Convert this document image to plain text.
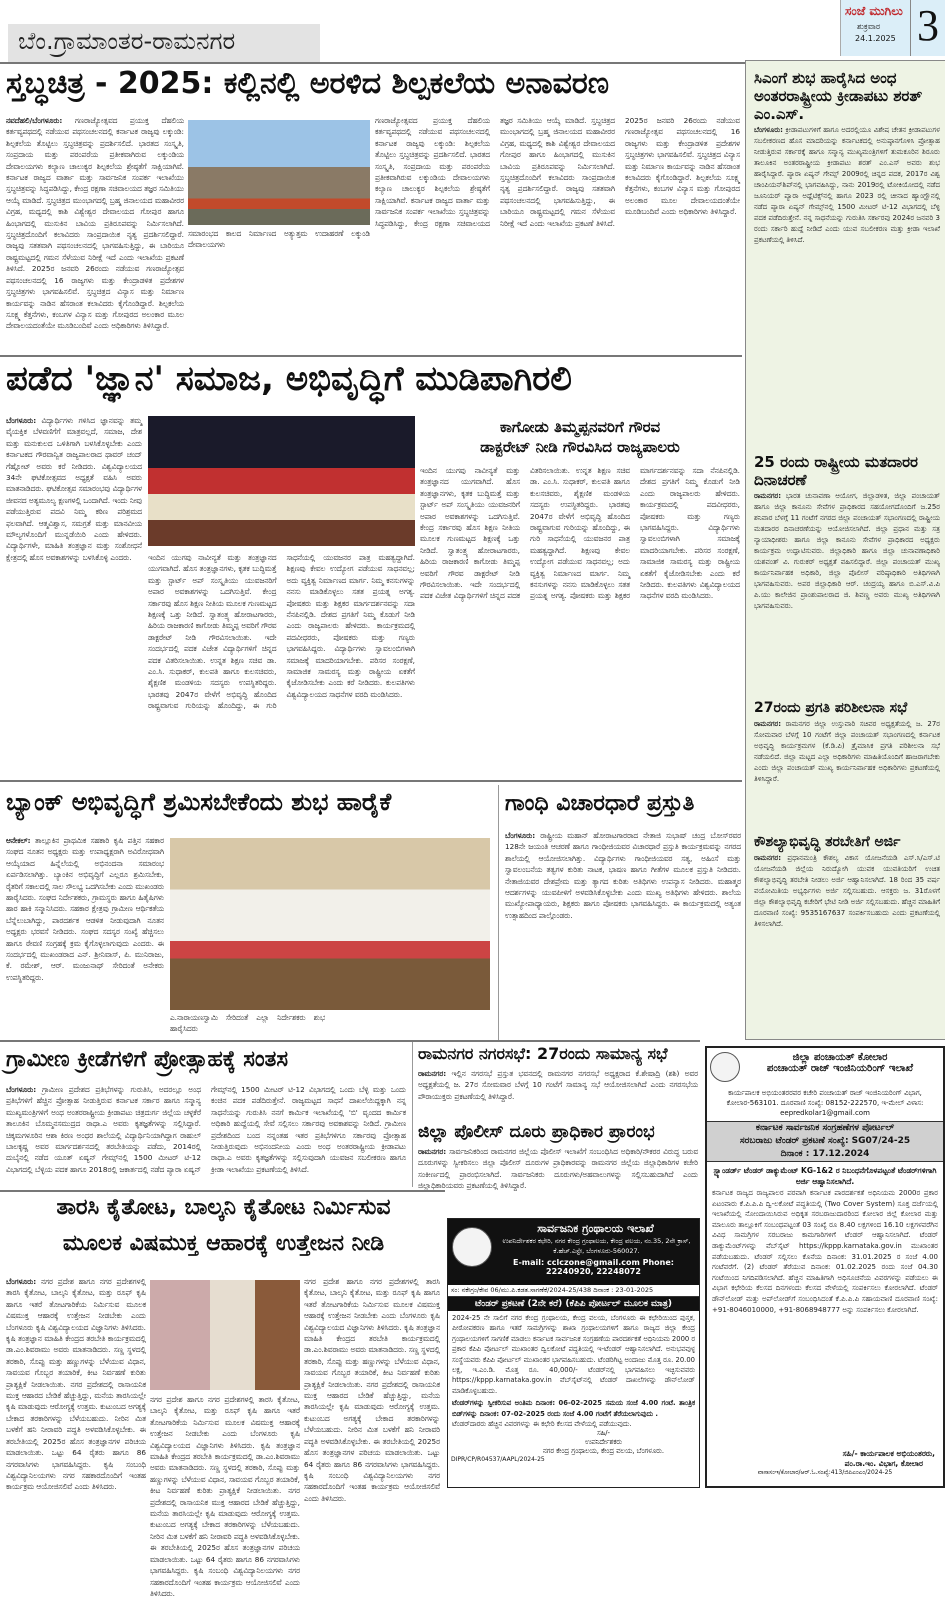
ಬೆಂ.ಗ್ರಾಮಾಂತರ-ರಾಮನಗರ
ಸಂಜೆ ಮುಗಿಲು
ಶುಕ್ರವಾರ
24.1.2025 3
ಸ್ತಬ್ಧಚಿತ್ರ - 2025: ಕಲ್ಲಿನಲ್ಲಿ ಅರಳಿದ ಶಿಲ್ಪಕಲೆಯ ಅನಾವರಣ
ನವದೆಹಲಿ/ಬೆಂಗಳೂರು: ಗಣರಾಜ್ಯೋತ್ಸವದ ಪ್ರಯುಕ್ತ ದೆಹಲಿಯ ಕರ್ತವ್ಯಪಥದಲ್ಲಿ ನಡೆಯುವ ಪಥಸಂಚಲನದಲ್ಲಿ ಕರ್ನಾಟಕ ರಾಜ್ಯವು ಲಕ್ಕುಂಡಿ: ಶಿಲ್ಪಕಲೆಯ ತೊಟ್ಟಿಲು ಸ್ತಬ್ಧಚಿತ್ರವನ್ನು ಪ್ರದರ್ಶಿಸಲಿದೆ. ಭಾರತದ ಸಂಸ್ಕೃತಿ, ಸಂಪ್ರದಾಯ ಮತ್ತು ಪರಂಪರೆಯ ಪ್ರತೀಕವಾಗಿರುವ ಲಕ್ಕುಂಡಿಯ ದೇವಾಲಯಗಳು ಕಲ್ಯಾಣ ಚಾಲುಕ್ಯರ ಶಿಲ್ಪಕಲೆಯ ಶ್ರೇಷ್ಠತೆಗೆ ಸಾಕ್ಷಿಯಾಗಿವೆ. ಕರ್ನಾಟಕ ರಾಜ್ಯದ ವಾರ್ತಾ ಮತ್ತು ಸಾರ್ವಜನಿಕ ಸಂಪರ್ಕ ಇಲಾಖೆಯು ಸ್ತಬ್ಧಚಿತ್ರವನ್ನು ಸಿದ್ಧಪಡಿಸಿದ್ದು, ಕೇಂದ್ರ ರಕ್ಷಣಾ ಸಚಿವಾಲಯದ ತಜ್ಞರ ಸಮಿತಿಯು ಆಯ್ಕೆ ಮಾಡಿದೆ. ಸ್ತಬ್ಧಚಿತ್ರದ ಮುಂಭಾಗದಲ್ಲಿ ಬ್ರಹ್ಮ ಜಿನಾಲಯದ ಮಹಾವೀರರ ವಿಗ್ರಹ, ಮಧ್ಯದಲ್ಲಿ ಕಾಶಿ ವಿಶ್ವೇಶ್ವರ ದೇವಾಲಯದ ಗೋಪುರ ಹಾಗೂ ಹಿಂಭಾಗದಲ್ಲಿ ಮುಸುಕಿನ ಬಾವಿಯ ಪ್ರತಿರೂಪವನ್ನು ನಿರ್ಮಿಸಲಾಗಿದೆ. ಸ್ತಬ್ಧಚಿತ್ರದೊಂದಿಗೆ ಕಲಾವಿದರು ಸಾಂಪ್ರದಾಯಿಕ ನೃತ್ಯ ಪ್ರದರ್ಶಿಸಲಿದ್ದಾರೆ. ರಾಜ್ಯವು ಸತತವಾಗಿ ಪಥಸಂಚಲನದಲ್ಲಿ ಭಾಗವಹಿಸುತ್ತಿದ್ದು, ಈ ಬಾರಿಯೂ ರಾಷ್ಟ್ರಮಟ್ಟದಲ್ಲಿ ಗಮನ ಸೆಳೆಯುವ ನಿರೀಕ್ಷೆ ಇದೆ ಎಂದು ಇಲಾಖೆಯ ಪ್ರಕಟಣೆ ತಿಳಿಸಿದೆ. 2025ರ ಜನವರಿ 26ರಂದು ನಡೆಯುವ ಗಣರಾಜ್ಯೋತ್ಸವ ಪಥಸಂಚಲನದಲ್ಲಿ 16 ರಾಜ್ಯಗಳು ಮತ್ತು ಕೇಂದ್ರಾಡಳಿತ ಪ್ರದೇಶಗಳ ಸ್ತಬ್ಧಚಿತ್ರಗಳು ಭಾಗವಹಿಸಲಿವೆ. ಸ್ತಬ್ಧಚಿತ್ರದ ವಿನ್ಯಾಸ ಮತ್ತು ನಿರ್ಮಾಣ ಕಾರ್ಯವನ್ನು ನಾಡಿನ ಹೆಸರಾಂತ ಕಲಾವಿದರು ಕೈಗೊಂಡಿದ್ದಾರೆ. ಶಿಲ್ಪಕಲೆಯ ಸೂಕ್ಷ್ಮ ಕೆತ್ತನೆಗಳು, ಕಂಬಗಳ ವಿನ್ಯಾಸ ಮತ್ತು ಗೋಪುರದ ಅಲಂಕಾರ ಮೂಲ ದೇವಾಲಯದಂತೆಯೇ ಮೂಡಿಬಂದಿವೆ ಎಂದು ಅಧಿಕಾರಿಗಳು ತಿಳಿಸಿದ್ದಾರೆ.
ಸಮಾರಂಭದ ಕಾಲದ ನಿರ್ಮಾಣದ ಅತ್ಯುತ್ತಮ ಉದಾಹರಣೆ ಲಕ್ಕುಂಡಿ ದೇವಾಲಯಗಳು
ಗಣರಾಜ್ಯೋತ್ಸವದ ಪ್ರಯುಕ್ತ ದೆಹಲಿಯ ಕರ್ತವ್ಯಪಥದಲ್ಲಿ ನಡೆಯುವ ಪಥಸಂಚಲನದಲ್ಲಿ ಕರ್ನಾಟಕ ರಾಜ್ಯವು ಲಕ್ಕುಂಡಿ: ಶಿಲ್ಪಕಲೆಯ ತೊಟ್ಟಿಲು ಸ್ತಬ್ಧಚಿತ್ರವನ್ನು ಪ್ರದರ್ಶಿಸಲಿದೆ. ಭಾರತದ ಸಂಸ್ಕೃತಿ, ಸಂಪ್ರದಾಯ ಮತ್ತು ಪರಂಪರೆಯ ಪ್ರತೀಕವಾಗಿರುವ ಲಕ್ಕುಂಡಿಯ ದೇವಾಲಯಗಳು ಕಲ್ಯಾಣ ಚಾಲುಕ್ಯರ ಶಿಲ್ಪಕಲೆಯ ಶ್ರೇಷ್ಠತೆಗೆ ಸಾಕ್ಷಿಯಾಗಿವೆ. ಕರ್ನಾಟಕ ರಾಜ್ಯದ ವಾರ್ತಾ ಮತ್ತು ಸಾರ್ವಜನಿಕ ಸಂಪರ್ಕ ಇಲಾಖೆಯು ಸ್ತಬ್ಧಚಿತ್ರವನ್ನು ಸಿದ್ಧಪಡಿಸಿದ್ದು, ಕೇಂದ್ರ ರಕ್ಷಣಾ ಸಚಿವಾಲಯದ ತಜ್ಞರ ಸಮಿತಿಯು ಆಯ್ಕೆ ಮಾಡಿದೆ. ಸ್ತಬ್ಧಚಿತ್ರದ ಮುಂಭಾಗದಲ್ಲಿ ಬ್ರಹ್ಮ ಜಿನಾಲಯದ ಮಹಾವೀರರ ವಿಗ್ರಹ, ಮಧ್ಯದಲ್ಲಿ ಕಾಶಿ ವಿಶ್ವೇಶ್ವರ ದೇವಾಲಯದ ಗೋಪುರ ಹಾಗೂ ಹಿಂಭಾಗದಲ್ಲಿ ಮುಸುಕಿನ ಬಾವಿಯ ಪ್ರತಿರೂಪವನ್ನು ನಿರ್ಮಿಸಲಾಗಿದೆ. ಸ್ತಬ್ಧಚಿತ್ರದೊಂದಿಗೆ ಕಲಾವಿದರು ಸಾಂಪ್ರದಾಯಿಕ ನೃತ್ಯ ಪ್ರದರ್ಶಿಸಲಿದ್ದಾರೆ. ರಾಜ್ಯವು ಸತತವಾಗಿ ಪಥಸಂಚಲನದಲ್ಲಿ ಭಾಗವಹಿಸುತ್ತಿದ್ದು, ಈ ಬಾರಿಯೂ ರಾಷ್ಟ್ರಮಟ್ಟದಲ್ಲಿ ಗಮನ ಸೆಳೆಯುವ ನಿರೀಕ್ಷೆ ಇದೆ ಎಂದು ಇಲಾಖೆಯ ಪ್ರಕಟಣೆ ತಿಳಿಸಿದೆ. 2025ರ ಜನವರಿ 26ರಂದು ನಡೆಯುವ ಗಣರಾಜ್ಯೋತ್ಸವ ಪಥಸಂಚಲನದಲ್ಲಿ 16 ರಾಜ್ಯಗಳು ಮತ್ತು ಕೇಂದ್ರಾಡಳಿತ ಪ್ರದೇಶಗಳ ಸ್ತಬ್ಧಚಿತ್ರಗಳು ಭಾಗವಹಿಸಲಿವೆ. ಸ್ತಬ್ಧಚಿತ್ರದ ವಿನ್ಯಾಸ ಮತ್ತು ನಿರ್ಮಾಣ ಕಾರ್ಯವನ್ನು ನಾಡಿನ ಹೆಸರಾಂತ ಕಲಾವಿದರು ಕೈಗೊಂಡಿದ್ದಾರೆ. ಶಿಲ್ಪಕಲೆಯ ಸೂಕ್ಷ್ಮ ಕೆತ್ತನೆಗಳು, ಕಂಬಗಳ ವಿನ್ಯಾಸ ಮತ್ತು ಗೋಪುರದ ಅಲಂಕಾರ ಮೂಲ ದೇವಾಲಯದಂತೆಯೇ ಮೂಡಿಬಂದಿವೆ ಎಂದು ಅಧಿಕಾರಿಗಳು ತಿಳಿಸಿದ್ದಾರೆ.
ಪಡೆದ 'ಜ್ಞಾನ' ಸಮಾಜ, ಅಭಿವೃದ್ಧಿಗೆ ಮುಡಿಪಾಗಿರಲಿ
ಬೆಂಗಳೂರು: ವಿದ್ಯಾರ್ಥಿಗಳು ಗಳಿಸಿದ ಜ್ಞಾನವನ್ನು ತಮ್ಮ ವೈಯಕ್ತಿಕ ಬೆಳವಣಿಗೆಗೆ ಮಾತ್ರವಲ್ಲದೆ, ಸಮಾಜ, ದೇಶ ಮತ್ತು ಮನುಕುಲದ ಒಳಿತಿಗಾಗಿ ಬಳಸಿಕೊಳ್ಳಬೇಕು ಎಂದು ಕರ್ನಾಟಕದ ಗೌರವಾನ್ವಿತ ರಾಜ್ಯಪಾಲರಾದ ಥಾವರ್ ಚಂದ್ ಗೆಹ್ಲೋಟ್ ಅವರು ಕರೆ ನೀಡಿದರು. ವಿಶ್ವವಿದ್ಯಾಲಯದ 34ನೇ ಘಟಿಕೋತ್ಸವದ ಅಧ್ಯಕ್ಷತೆ ವಹಿಸಿ ಅವರು ಮಾತನಾಡಿದರು. ಘಟಿಕೋತ್ಸವ ಸಮಾರಂಭವು ವಿದ್ಯಾರ್ಥಿಗಳ ಜೀವನದ ಅತ್ಯಮೂಲ್ಯ ಕ್ಷಣಗಳಲ್ಲಿ ಒಂದಾಗಿದೆ. ಇಂದು ನೀವು ಪಡೆಯುತ್ತಿರುವ ಪದವಿ ನಿಮ್ಮ ಕಠಿಣ ಪರಿಶ್ರಮದ ಫಲವಾಗಿದೆ. ಆತ್ಮವಿಶ್ವಾಸ, ಸಮಗ್ರತೆ ಮತ್ತು ಮಾನವೀಯ ಮೌಲ್ಯಗಳೊಂದಿಗೆ ಮುನ್ನಡೆಯಿರಿ ಎಂದು ಹೇಳಿದರು. ವಿದ್ಯಾರ್ಥಿಗಳೇ, ಮಾಹಿತಿ ತಂತ್ರಜ್ಞಾನ ಮತ್ತು ಸಂಶೋಧನೆ ಕ್ಷೇತ್ರದಲ್ಲಿ ಹೊಸ ಅವಕಾಶಗಳನ್ನು ಬಳಸಿಕೊಳ್ಳಿ ಎಂದರು.
ಕಾಗೋಡು ತಿಮ್ಮಪ್ಪನವರಿಗೆ ಗೌರವ
ಡಾಕ್ಟರೇಟ್ ನೀಡಿ ಗೌರವಿಸಿದ ರಾಜ್ಯಪಾಲರು
ಇಂದಿನ ಯುಗವು ನಾವೀನ್ಯತೆ ಮತ್ತು ತಂತ್ರಜ್ಞಾನದ ಯುಗವಾಗಿದೆ. ಹೊಸ ತಂತ್ರಜ್ಞಾನಗಳು, ಕೃತಕ ಬುದ್ಧಿಮತ್ತೆ ಮತ್ತು ಸ್ಟಾರ್ಟ್ ಅಪ್ ಸಂಸ್ಕೃತಿಯು ಯುವಜನರಿಗೆ ಅಪಾರ ಅವಕಾಶಗಳನ್ನು ಒದಗಿಸುತ್ತಿವೆ. ಕೇಂದ್ರ ಸರ್ಕಾರವು ಹೊಸ ಶಿಕ್ಷಣ ನೀತಿಯ ಮೂಲಕ ಗುಣಮಟ್ಟದ ಶಿಕ್ಷಣಕ್ಕೆ ಒತ್ತು ನೀಡಿದೆ. ಸ್ವಾತಂತ್ರ್ಯ ಹೋರಾಟಗಾರರು, ಹಿರಿಯ ರಾಜಕಾರಣಿ ಕಾಗೋಡು ತಿಮ್ಮಪ್ಪ ಅವರಿಗೆ ಗೌರವ ಡಾಕ್ಟರೇಟ್ ನೀಡಿ ಗೌರವಿಸಲಾಯಿತು. ಇದೇ ಸಂದರ್ಭದಲ್ಲಿ ಪದಕ ವಿಜೇತ ವಿದ್ಯಾರ್ಥಿಗಳಿಗೆ ಚಿನ್ನದ ಪದಕ ವಿತರಿಸಲಾಯಿತು. ಉನ್ನತ ಶಿಕ್ಷಣ ಸಚಿವ ಡಾ. ಎಂ.ಸಿ. ಸುಧಾಕರ್, ಕುಲಪತಿ ಹಾಗೂ ಕುಲಸಚಿವರು, ಶೈಕ್ಷಣಿಕ ಮಂಡಳಿಯ ಸದಸ್ಯರು ಉಪಸ್ಥಿತರಿದ್ದರು. ಭಾರತವು 2047ರ ವೇಳೆಗೆ ಅಭಿವೃದ್ಧಿ ಹೊಂದಿದ ರಾಷ್ಟ್ರವಾಗುವ ಗುರಿಯನ್ನು ಹೊಂದಿದ್ದು, ಈ ಗುರಿ ಸಾಧನೆಯಲ್ಲಿ ಯುವಜನರ ಪಾತ್ರ ಮಹತ್ವದ್ದಾಗಿದೆ. ಶಿಕ್ಷಣವು ಕೇವಲ ಉದ್ಯೋಗ ಪಡೆಯುವ ಸಾಧನವಲ್ಲ; ಅದು ವ್ಯಕ್ತಿತ್ವ ನಿರ್ಮಾಣದ ಮಾರ್ಗ. ನಿಮ್ಮ ಕನಸುಗಳನ್ನು ನನಸು ಮಾಡಿಕೊಳ್ಳಲು ಸತತ ಪ್ರಯತ್ನ ಅಗತ್ಯ. ಪೋಷಕರು ಮತ್ತು ಶಿಕ್ಷಕರ ಮಾರ್ಗದರ್ಶನವನ್ನು ಸದಾ ನೆನಪಿನಲ್ಲಿಡಿ. ದೇಶದ ಪ್ರಗತಿಗೆ ನಿಮ್ಮ ಕೊಡುಗೆ ನೀಡಿ ಎಂದು ರಾಜ್ಯಪಾಲರು ಹೇಳಿದರು. ಕಾರ್ಯಕ್ರಮದಲ್ಲಿ ಪದವೀಧರರು, ಪೋಷಕರು ಮತ್ತು ಗಣ್ಯರು ಭಾಗವಹಿಸಿದ್ದರು. ವಿದ್ಯಾರ್ಥಿಗಳು ಸ್ವಾವಲಂಬಿಗಳಾಗಿ ಸಮಾಜಕ್ಕೆ ಮಾದರಿಯಾಗಬೇಕು. ಪರಿಸರ ಸಂರಕ್ಷಣೆ, ಸಾಮಾಜಿಕ ಸಾಮರಸ್ಯ ಮತ್ತು ರಾಷ್ಟ್ರೀಯ ಏಕತೆಗೆ ಕೈಜೋಡಿಸಬೇಕು ಎಂದು ಕರೆ ನೀಡಿದರು. ಕುಲಪತಿಗಳು ವಿಶ್ವವಿದ್ಯಾಲಯದ ಸಾಧನೆಗಳ ವರದಿ ಮಂಡಿಸಿದರು.
ಇಂದಿನ ಯುಗವು ನಾವೀನ್ಯತೆ ಮತ್ತು ತಂತ್ರಜ್ಞಾನದ ಯುಗವಾಗಿದೆ. ಹೊಸ ತಂತ್ರಜ್ಞಾನಗಳು, ಕೃತಕ ಬುದ್ಧಿಮತ್ತೆ ಮತ್ತು ಸ್ಟಾರ್ಟ್ ಅಪ್ ಸಂಸ್ಕೃತಿಯು ಯುವಜನರಿಗೆ ಅಪಾರ ಅವಕಾಶಗಳನ್ನು ಒದಗಿಸುತ್ತಿವೆ. ಕೇಂದ್ರ ಸರ್ಕಾರವು ಹೊಸ ಶಿಕ್ಷಣ ನೀತಿಯ ಮೂಲಕ ಗುಣಮಟ್ಟದ ಶಿಕ್ಷಣಕ್ಕೆ ಒತ್ತು ನೀಡಿದೆ. ಸ್ವಾತಂತ್ರ್ಯ ಹೋರಾಟಗಾರರು, ಹಿರಿಯ ರಾಜಕಾರಣಿ ಕಾಗೋಡು ತಿಮ್ಮಪ್ಪ ಅವರಿಗೆ ಗೌರವ ಡಾಕ್ಟರೇಟ್ ನೀಡಿ ಗೌರವಿಸಲಾಯಿತು. ಇದೇ ಸಂದರ್ಭದಲ್ಲಿ ಪದಕ ವಿಜೇತ ವಿದ್ಯಾರ್ಥಿಗಳಿಗೆ ಚಿನ್ನದ ಪದಕ ವಿತರಿಸಲಾಯಿತು. ಉನ್ನತ ಶಿಕ್ಷಣ ಸಚಿವ ಡಾ. ಎಂ.ಸಿ. ಸುಧಾಕರ್, ಕುಲಪತಿ ಹಾಗೂ ಕುಲಸಚಿವರು, ಶೈಕ್ಷಣಿಕ ಮಂಡಳಿಯ ಸದಸ್ಯರು ಉಪಸ್ಥಿತರಿದ್ದರು. ಭಾರತವು 2047ರ ವೇಳೆಗೆ ಅಭಿವೃದ್ಧಿ ಹೊಂದಿದ ರಾಷ್ಟ್ರವಾಗುವ ಗುರಿಯನ್ನು ಹೊಂದಿದ್ದು, ಈ ಗುರಿ ಸಾಧನೆಯಲ್ಲಿ ಯುವಜನರ ಪಾತ್ರ ಮಹತ್ವದ್ದಾಗಿದೆ. ಶಿಕ್ಷಣವು ಕೇವಲ ಉದ್ಯೋಗ ಪಡೆಯುವ ಸಾಧನವಲ್ಲ; ಅದು ವ್ಯಕ್ತಿತ್ವ ನಿರ್ಮಾಣದ ಮಾರ್ಗ. ನಿಮ್ಮ ಕನಸುಗಳನ್ನು ನನಸು ಮಾಡಿಕೊಳ್ಳಲು ಸತತ ಪ್ರಯತ್ನ ಅಗತ್ಯ. ಪೋಷಕರು ಮತ್ತು ಶಿಕ್ಷಕರ ಮಾರ್ಗದರ್ಶನವನ್ನು ಸದಾ ನೆನಪಿನಲ್ಲಿಡಿ. ದೇಶದ ಪ್ರಗತಿಗೆ ನಿಮ್ಮ ಕೊಡುಗೆ ನೀಡಿ ಎಂದು ರಾಜ್ಯಪಾಲರು ಹೇಳಿದರು. ಕಾರ್ಯಕ್ರಮದಲ್ಲಿ ಪದವೀಧರರು, ಪೋಷಕರು ಮತ್ತು ಗಣ್ಯರು ಭಾಗವಹಿಸಿದ್ದರು. ವಿದ್ಯಾರ್ಥಿಗಳು ಸ್ವಾವಲಂಬಿಗಳಾಗಿ ಸಮಾಜಕ್ಕೆ ಮಾದರಿಯಾಗಬೇಕು. ಪರಿಸರ ಸಂರಕ್ಷಣೆ, ಸಾಮಾಜಿಕ ಸಾಮರಸ್ಯ ಮತ್ತು ರಾಷ್ಟ್ರೀಯ ಏಕತೆಗೆ ಕೈಜೋಡಿಸಬೇಕು ಎಂದು ಕರೆ ನೀಡಿದರು. ಕುಲಪತಿಗಳು ವಿಶ್ವವಿದ್ಯಾಲಯದ ಸಾಧನೆಗಳ ವರದಿ ಮಂಡಿಸಿದರು.
ಬ್ಯಾಂಕ್ ಅಭಿವೃದ್ಧಿಗೆ ಶ್ರಮಿಸಬೇಕೆಂದು ಶುಭ ಹಾರೈಕೆ
ಆನೇಕಲ್: ತಾಲ್ಲೂಕಿನ ಪ್ರಾಥಮಿಕ ಸಹಕಾರಿ ಕೃಷಿ ಪತ್ತಿನ ಸಹಕಾರ ಸಂಘದ ನೂತನ ಅಧ್ಯಕ್ಷರು ಮತ್ತು ಉಪಾಧ್ಯಕ್ಷರಾಗಿ ಅವಿರೋಧವಾಗಿ ಆಯ್ಕೆಯಾದ ಹಿನ್ನೆಲೆಯಲ್ಲಿ ಅಭಿನಂದನಾ ಸಮಾರಂಭ ಏರ್ಪಡಿಸಲಾಗಿತ್ತು. ಬ್ಯಾಂಕಿನ ಅಭಿವೃದ್ಧಿಗೆ ಎಲ್ಲರೂ ಶ್ರಮಿಸಬೇಕು, ರೈತರಿಗೆ ಸಕಾಲದಲ್ಲಿ ಸಾಲ ಸೌಲಭ್ಯ ಒದಗಿಸಬೇಕು ಎಂದು ಮುಖಂಡರು ಹಾರೈಸಿದರು. ಸಂಘದ ನಿರ್ದೇಶಕರು, ಗ್ರಾಮಸ್ಥರು ಹಾಗೂ ಹಿತೈಷಿಗಳು ಹಾರ ಹಾಕಿ ಸನ್ಮಾನಿಸಿದರು. ಸಹಕಾರ ಕ್ಷೇತ್ರವು ಗ್ರಾಮೀಣ ಆರ್ಥಿಕತೆಯ ಬೆನ್ನೆಲುಬಾಗಿದ್ದು, ಪಾರದರ್ಶಕ ಆಡಳಿತ ನೀಡುವುದಾಗಿ ನೂತನ ಅಧ್ಯಕ್ಷರು ಭರವಸೆ ನೀಡಿದರು. ಸಂಘದ ಸದಸ್ಯರ ಸಂಖ್ಯೆ ಹೆಚ್ಚಿಸಲು ಹಾಗೂ ಠೇವಣಿ ಸಂಗ್ರಹಕ್ಕೆ ಕ್ರಮ ಕೈಗೊಳ್ಳಲಾಗುವುದು ಎಂದರು. ಈ ಸಂದರ್ಭದಲ್ಲಿ ಮುಖಂಡರಾದ ಎನ್. ಶ್ರೀನಿವಾಸ್, ಪಿ. ಮುನಿರಾಜು, ಕೆ. ರಮೇಶ್, ಆರ್. ಮಂಜುನಾಥ್ ಸೇರಿದಂತೆ ಅನೇಕರು ಉಪಸ್ಥಿತರಿದ್ದರು.
ಎ.ನಾರಾಯಣಸ್ವಾಮಿ ಸೇರಿದಂತೆ ಎಲ್ಲಾ ನಿರ್ದೇಶಕರು ಶುಭ ಹಾರೈಸಿದರು
ಗಾಂಧಿ ವಿಚಾರಧಾರೆ ಪ್ರಸ್ತುತಿ
ಬೆಂಗಳೂರು: ರಾಷ್ಟ್ರೀಯ ಮಹಾನ್ ಹೋರಾಟಗಾರರಾದ ನೇತಾಜಿ ಸುಭಾಷ್ ಚಂದ್ರ ಬೋಸ್‌ರವರ 128ನೇ ಜಯಂತಿ ಆಚರಣೆ ಹಾಗೂ ಗಾಂಧೀಜಿಯವರ ವಿಚಾರಧಾರೆ ಪ್ರಸ್ತುತಿ ಕಾರ್ಯಕ್ರಮವನ್ನು ನಗರದ ಶಾಲೆಯಲ್ಲಿ ಆಯೋಜಿಸಲಾಗಿತ್ತು. ವಿದ್ಯಾರ್ಥಿಗಳು ಗಾಂಧೀಜಿಯವರ ಸತ್ಯ, ಅಹಿಂಸೆ ಮತ್ತು ಸ್ವಾವಲಂಬನೆಯ ತತ್ವಗಳ ಕುರಿತು ನಾಟಕ, ಭಾಷಣ ಹಾಗೂ ಗೀತೆಗಳ ಮೂಲಕ ಪ್ರಸ್ತುತಿ ನೀಡಿದರು. ನೇತಾಜಿಯವರ ದೇಶಪ್ರೇಮ ಮತ್ತು ತ್ಯಾಗದ ಕುರಿತು ಅತಿಥಿಗಳು ಉಪನ್ಯಾಸ ನೀಡಿದರು. ಮಹಾತ್ಮರ ಆದರ್ಶಗಳನ್ನು ಯುವಪೀಳಿಗೆ ಅಳವಡಿಸಿಕೊಳ್ಳಬೇಕು ಎಂದು ಮುಖ್ಯ ಅತಿಥಿಗಳು ಹೇಳಿದರು. ಶಾಲೆಯ ಮುಖ್ಯೋಪಾಧ್ಯಾಯರು, ಶಿಕ್ಷಕರು ಹಾಗೂ ಪೋಷಕರು ಭಾಗವಹಿಸಿದ್ದರು. ಈ ಕಾರ್ಯಕ್ರಮದಲ್ಲಿ ಅತ್ಯಂತ ಉತ್ಸಾಹದಿಂದ ಪಾಲ್ಗೊಂಡರು.
ಸಿಎಂಗೆ ಶುಭ ಹಾರೈಸಿದ ಅಂಧ ಅಂತರರಾಷ್ಟ್ರೀಯ ಕ್ರೀಡಾಪಟು ಶರತ್ ಎಂ.ಎಸ್.
ಬೆಂಗಳೂರು: ಕ್ರೀಡಾಪಟುಗಳಿಗೆ ಹಾಗೂ ಅದರಲ್ಲಿಯೂ ವಿಶೇಷ ಚೇತನ ಕ್ರೀಡಾಪಟುಗಳ ಸಬಲೀಕರಣದ ಹೊಸ ಮಾದರಿಯನ್ನು ಕರ್ನಾಟಕದಲ್ಲಿ ಅನುಷ್ಠಾನಗೊಳಿಸಿ ಪ್ರೋತ್ಸಾಹ ನೀಡುತ್ತಿರುವ ಸರ್ಕಾರಕ್ಕೆ ಹಾಗೂ ಸನ್ಮಾನ್ಯ ಮುಖ್ಯಮಂತ್ರಿಗಳಿಗೆ ತುಮಕೂರಿನ ಶಿರೂರು ತಾಲೂಕಿನ ಅಂತರರಾಷ್ಟ್ರೀಯ ಕ್ರೀಡಾಪಟು ಶರತ್ ಎಂ.ಎಸ್ ಅವರು ಶುಭ ಹಾರೈಸಿದ್ದಾರೆ. ಪ್ಯಾರಾ ಏಷ್ಯನ್ ಗೇಮ್ಸ್ 2009ರಲ್ಲಿ ಚಿನ್ನದ ಪದಕ, 2017ರ ವಿಶ್ವ ಚಾಂಪಿಯನ್‌ಶಿಪ್‌ನಲ್ಲಿ ಭಾಗವಹಿಸಿದ್ದು, ನಾನು 2019ರಲ್ಲಿ ಟೋಕಿಯೋದಲ್ಲಿ ನಡೆದ ಜೂನಿಯರ್ ಪ್ಯಾರಾ ಅಥ್ಲೆಟಿಕ್ಸ್‌ನಲ್ಲಿ ಹಾಗೂ 2023 ರಲ್ಲಿ ಚೀನಾದ ಹ್ಯಾಂಗ್ಝೌನಲ್ಲಿ ನಡೆದ ಪ್ಯಾರಾ ಏಷ್ಯನ್ ಗೇಮ್ಸ್‌ನಲ್ಲಿ 1500 ಮೀಟರ್ ಟಿ-12 ವಿಭಾಗದಲ್ಲಿ ಬೆಳ್ಳಿ ಪದಕ ಪಡೆದಿರುತ್ತೇನೆ. ನನ್ನ ಸಾಧನೆಯನ್ನು ಗುರುತಿಸಿ ಸರ್ಕಾರವು 2024ರ ಜನವರಿ 3 ರಂದು ಸರ್ಕಾರಿ ಹುದ್ದೆ ನೀಡಿದೆ ಎಂದು ಯುವ ಸಬಲೀಕರಣ ಮತ್ತು ಕ್ರೀಡಾ ಇಲಾಖೆ ಪ್ರಕಟಣೆಯಲ್ಲಿ ತಿಳಿಸಿದೆ.
25 ರಂದು ರಾಷ್ಟ್ರೀಯ ಮತದಾರರ ದಿನಾಚರಣೆ
ರಾಮನಗರ: ಭಾರತ ಚುನಾವಣಾ ಆಯೋಗ, ಜಿಲ್ಲಾಡಳಿತ, ಜಿಲ್ಲಾ ಪಂಚಾಯತ್ ಹಾಗೂ ಜಿಲ್ಲಾ ಕಾನೂನು ಸೇವೆಗಳ ಪ್ರಾಧಿಕಾರದ ಸಹಯೋಗದೊಂದಿಗೆ ಜ.25ರ ಶನಿವಾರ ಬೆಳಗ್ಗೆ 11 ಗಂಟೆಗೆ ನಗರದ ಜಿಲ್ಲಾ ಪಂಚಾಯತ್ ಸಭಾಂಗಣದಲ್ಲಿ ರಾಷ್ಟ್ರೀಯ ಮತದಾರರ ದಿನಾಚರಣೆಯನ್ನು ಆಯೋಜಿಸಲಾಗಿದೆ. ಜಿಲ್ಲಾ ಪ್ರಧಾನ ಮತ್ತು ಸತ್ರ ನ್ಯಾಯಾಧೀಶರು ಹಾಗೂ ಜಿಲ್ಲಾ ಕಾನೂನು ಸೇವೆಗಳ ಪ್ರಾಧಿಕಾರದ ಅಧ್ಯಕ್ಷರು ಕಾರ್ಯಕ್ರಮ ಉದ್ಘಾಟಿಸುವರು. ಜಿಲ್ಲಾಧಿಕಾರಿ ಹಾಗೂ ಜಿಲ್ಲಾ ಚುನಾವಣಾಧಿಕಾರಿ ಯಶವಂತ್ ವಿ. ಗುರುಕರ್ ಅಧ್ಯಕ್ಷತೆ ವಹಿಸಲಿದ್ದಾರೆ. ಜಿಲ್ಲಾ ಪಂಚಾಯತ್ ಮುಖ್ಯ ಕಾರ್ಯನಿರ್ವಾಹಕ ಅಧಿಕಾರಿ, ಜಿಲ್ಲಾ ಪೊಲೀಸ್ ವರಿಷ್ಠಾಧಿಕಾರಿ ಅತಿಥಿಗಳಾಗಿ ಭಾಗವಹಿಸುವರು. ಅಪರ ಜಿಲ್ಲಾಧಿಕಾರಿ ಆರ್. ಚಂದ್ರಯ್ಯ ಹಾಗೂ ಬಿ.ಎಸ್.ವಿ.ಪಿ ಪಿ.ಯು ಕಾಲೇಜಿನ ಪ್ರಾಂಶುಪಾಲರಾದ ಜಿ. ಶಿವಣ್ಣ ಅವರು ಮುಖ್ಯ ಅತಿಥಿಗಳಾಗಿ ಭಾಗವಹಿಸುವರು.
27ರಂದು ಪ್ರಗತಿ ಪರಿಶೀಲನಾ ಸಭೆ
ರಾಮನಗರ: ರಾಮನಗರ ಜಿಲ್ಲಾ ಉಸ್ತುವಾರಿ ಸಚಿವರ ಅಧ್ಯಕ್ಷತೆಯಲ್ಲಿ ಜ. 27ರ ಸೋಮವಾರ ಬೆಳಗ್ಗೆ 10 ಗಂಟೆಗೆ ಜಿಲ್ಲಾ ಪಂಚಾಯತ್ ಸಭಾಂಗಣದಲ್ಲಿ ಕರ್ನಾಟಕ ಅಭಿವೃದ್ಧಿ ಕಾರ್ಯಕ್ರಮಗಳ (ಕೆ.ಡಿ.ಪಿ) ತ್ರೈಮಾಸಿಕ ಪ್ರಗತಿ ಪರಿಶೀಲನಾ ಸಭೆ ನಡೆಯಲಿದೆ. ಜಿಲ್ಲಾ ಮಟ್ಟದ ಎಲ್ಲಾ ಅಧಿಕಾರಿಗಳು ಮಾಹಿತಿಯೊಂದಿಗೆ ಹಾಜರಾಗಬೇಕು ಎಂದು ಜಿಲ್ಲಾ ಪಂಚಾಯತ್ ಮುಖ್ಯ ಕಾರ್ಯನಿರ್ವಾಹಕ ಅಧಿಕಾರಿಗಳು ಪ್ರಕಟಣೆಯಲ್ಲಿ ತಿಳಿಸಿದ್ದಾರೆ.
ಕೌಶಲ್ಯಾಭಿವೃದ್ಧಿ ತರಬೇತಿಗೆ ಅರ್ಜಿ
ರಾಮನಗರ: ಪ್ರಧಾನಮಂತ್ರಿ ಕೌಶಲ್ಯ ವಿಕಾಸ ಯೋಜನೆಯಡಿ ಎಸ್.ಸಿ/ಎಸ್.ಟಿ ಯೋಜನೆಯಡಿ ಜಿಲ್ಲೆಯ ನಿರುದ್ಯೋಗಿ ಯುವಕ ಯುವತಿಯರಿಗೆ ಉಚಿತ ಕೌಶಲ್ಯಾಭಿವೃದ್ಧಿ ತರಬೇತಿ ನೀಡಲು ಅರ್ಜಿ ಆಹ್ವಾನಿಸಲಾಗಿದೆ. 18 ರಿಂದ 35 ವರ್ಷ ವಯೋಮಿತಿಯ ಅಭ್ಯರ್ಥಿಗಳು ಅರ್ಜಿ ಸಲ್ಲಿಸಬಹುದು. ಆಸಕ್ತರು ಜ. 31ರೊಳಗೆ ಜಿಲ್ಲಾ ಕೌಶಲ್ಯಾಭಿವೃದ್ಧಿ ಕಚೇರಿಗೆ ಭೇಟಿ ನೀಡಿ ಅರ್ಜಿ ಸಲ್ಲಿಸಬಹುದು. ಹೆಚ್ಚಿನ ಮಾಹಿತಿಗೆ ದೂರವಾಣಿ ಸಂಖ್ಯೆ: 9535167637 ಸಂಪರ್ಕಿಸಬಹುದು ಎಂದು ಪ್ರಕಟಣೆಯಲ್ಲಿ ತಿಳಿಸಲಾಗಿದೆ.
ಗ್ರಾಮೀಣ ಕ್ರೀಡೆಗಳಿಗೆ ಪ್ರೋತ್ಸಾಹಕ್ಕೆ ಸಂತಸ
ಬೆಂಗಳೂರು: ಗ್ರಾಮೀಣ ಪ್ರದೇಶದ ಪ್ರತಿಭೆಗಳನ್ನು ಗುರುತಿಸಿ, ಅದರಲ್ಲೂ ಅಂಧ ಪ್ರತಿಭೆಗಳಿಗೆ ಹೆಚ್ಚಿನ ಪ್ರೋತ್ಸಾಹ ನೀಡುತ್ತಿರುವ ಕರ್ನಾಟಕ ಸರ್ಕಾರ ಹಾಗೂ ಸನ್ಮಾನ್ಯ ಮುಖ್ಯಮಂತ್ರಿಗಳಿಗೆ ಅಂಧ ಅಂತರರಾಷ್ಟ್ರೀಯ ಕ್ರೀಡಾಪಟು ಚಿತ್ರದುರ್ಗ ಜಿಲ್ಲೆಯ ಚಳ್ಳಕೆರೆ ತಾಲೂಕಿನ ಬೊಮ್ಮನಸಮುದ್ರದ ರಾಧಾ.ಎ ಅವರು ಕೃತಜ್ಞತೆಗಳನ್ನು ಸಲ್ಲಿಸಿದ್ದಾರೆ. ಚಿಕ್ಕಮಗಳೂರಿನ ಆಶಾ ಕಿರಣ ಅಂಧರ ಶಾಲೆಯಲ್ಲಿ ವಿದ್ಯಾರ್ಥಿನಿಯಾಗಿದ್ದಾಗ ರಾಹುಲ್ ಬಾಲಕೃಷ್ಣ ಅವರ ಮಾರ್ಗದರ್ಶನದಲ್ಲಿ ತರಬೇತಿಯನ್ನು ಪಡೆದು, 2014ರಲ್ಲಿ ದುಬೈನಲ್ಲಿ ನಡೆದ ಯೂತ್ ಏಷ್ಯನ್ ಗೇಮ್ಸ್‌ನಲ್ಲಿ 1500 ಮೀಟರ್ ಟಿ-12 ವಿಭಾಗದಲ್ಲಿ ಬೆಳ್ಳಿಯ ಪದಕ ಹಾಗೂ 2018ರಲ್ಲಿ ಜಕಾರ್ತದಲ್ಲಿ ನಡೆದ ಪ್ಯಾರಾ ಏಷ್ಯನ್ ಗೇಮ್ಸ್‌ನಲ್ಲಿ 1500 ಮೀಟರ್ ಟಿ-12 ವಿಭಾಗದಲ್ಲಿ ಒಂದು ಬೆಳ್ಳಿ ಮತ್ತು ಒಂದು ಕಂಚಿನ ಪದಕ ಪಡೆದಿರುತ್ತೇನೆ. ರಾಜ್ಯಮಟ್ಟದ ಸಾಧನೆ ದಾಖಲೆಯಿದ್ದಕ್ಕಾಗಿ ನನ್ನ ಸಾಧನೆಯನ್ನು ಗುರುತಿಸಿ ನನಗೆ ಕಾರ್ಮಿಕ ಇಲಾಖೆಯಲ್ಲಿ 'ಬಿ' ವೃಂದದ ಕಾರ್ಮಿಕ ಅಧಿಕಾರಿ ಹುದ್ದೆಯಲ್ಲಿ ಸೇವೆ ಸಲ್ಲಿಸಲು ಸರ್ಕಾರವು ಅವಕಾಶವನ್ನು ನೀಡಿದೆ. ಗ್ರಾಮೀಣ ಪ್ರದೇಶದಿಂದ ಬಂದ ನನ್ನಂತಹ ಇತರ ಪ್ರತಿಭೆಗಳಿಗೂ ಸರ್ಕಾರವು ಪ್ರೋತ್ಸಾಹ ನೀಡುತ್ತಿರುವುದು ಅಭಿನಂದನೀಯ ಎಂದು ಅಂಧ ಅಂತರರಾಷ್ಟ್ರೀಯ ಕ್ರೀಡಾಪಟು ರಾಧಾ.ಎ ಅವರು ಕೃತಜ್ಞತೆಗಳನ್ನು ಸಲ್ಲಿಸುವುದಾಗಿ ಯುವಜನ ಸಬಲೀಕರಣ ಹಾಗೂ ಕ್ರೀಡಾ ಇಲಾಖೆಯು ಪ್ರಕಟಣೆಯಲ್ಲಿ ತಿಳಿಸಿದೆ.
ರಾಮನಗರ ನಗರಸಭೆ: 27ರಂದು ಸಾಮಾನ್ಯ ಸಭೆ
ರಾಮನಗರ: ಇಲ್ಲಿನ ನಗರಸಭೆ ಪ್ರಸ್ತುತ ಭವನದಲ್ಲಿ ರಾಮನಗರ ನಗರಸಭೆ ಅಧ್ಯಕ್ಷರಾದ ಕೆ.ಶೇಷಾದ್ರಿ (ಶಶಿ) ಅವರ ಅಧ್ಯಕ್ಷತೆಯಲ್ಲಿ ಜ. 27ರ ಸೋಮವಾರ ಬೆಳಗ್ಗೆ 10 ಗಂಟೆಗೆ ಸಾಮಾನ್ಯ ಸಭೆ ಆಯೋಜಿಸಲಾಗಿದೆ ಎಂದು ನಗರಸಭೆಯ ಪೌರಾಯುಕ್ತರು ಪ್ರಕಟಣೆಯಲ್ಲಿ ತಿಳಿಸಿದ್ದಾರೆ.
ಜಿಲ್ಲಾ ಪೊಲೀಸ್ ದೂರು ಪ್ರಾಧಿಕಾರ ಪ್ರಾರಂಭ
ರಾಮನಗರ: ಸಾರ್ವಜನಿಕರಿಂದ ರಾಮನಗರ ಜಿಲ್ಲೆಯ ಪೊಲೀಸ್ ಇಲಾಖೆಗೆ ಸಂಬಂಧಿಸಿದ ಅಧಿಕಾರಿ/ನೌಕರರ ವಿರುದ್ಧ ಬರುವ ದೂರುಗಳನ್ನು ಸ್ವೀಕರಿಸಲು ಜಿಲ್ಲಾ ಪೊಲೀಸ್ ದೂರುಗಳ ಪ್ರಾಧಿಕಾರವನ್ನು ರಾಮನಗರ ಜಿಲ್ಲೆಯ ಜಿಲ್ಲಾಧಿಕಾರಿಗಳ ಕಚೇರಿ ಸಂಕೀರ್ಣದಲ್ಲಿ ಪ್ರಾರಂಭಿಸಲಾಗಿದೆ. ಸಾರ್ವಜನಿಕರು ದೂರುಗಳು/ಅಹವಾಲುಗಳನ್ನು ಸಲ್ಲಿಸಬಹುದಾಗಿದೆ ಎಂದು ಜಿಲ್ಲಾಧಿಕಾರಿಯವರು ಪ್ರಕಟಣೆಯಲ್ಲಿ ತಿಳಿಸಿದ್ದಾರೆ.
ತಾರಸಿ ಕೈತೋಟ, ಬಾಲ್ಕನಿ ಕೈತೋಟ ನಿರ್ಮಿಸುವ
ಮೂಲಕ ವಿಷಮುಕ್ತ ಆಹಾರಕ್ಕೆ ಉತ್ತೇಜನ ನೀಡಿ
ಬೆಂಗಳೂರು: ನಗರ ಪ್ರದೇಶ ಹಾಗೂ ನಗರ ಪ್ರದೇಶಗಳಲ್ಲಿ ತಾರಸಿ ಕೈತೋಟ, ಬಾಲ್ಕನಿ ಕೈತೋಟ, ಮತ್ತು ರೂಫ್ ಕೃಷಿ ಹಾಗೂ ಇತರೆ ತೋಟಗಾರಿಕೆಯ ನಿರ್ಮಿಸುವ ಮೂಲಕ ವಿಷಮುಕ್ತ ಆಹಾರಕ್ಕೆ ಉತ್ತೇಜನ ನೀಡಬೇಕು ಎಂದು ಬೆಂಗಳೂರು ಕೃಷಿ ವಿಶ್ವವಿದ್ಯಾಲಯದ ವಿಜ್ಞಾನಿಗಳು ತಿಳಿಸಿದರು. ಕೃಷಿ ತಂತ್ರಜ್ಞಾನ ಮಾಹಿತಿ ಕೇಂದ್ರದ ತರಬೇತಿ ಕಾರ್ಯಕ್ರಮದಲ್ಲಿ ಡಾ.ಎಂ.ಶಿವರಾಮು ಅವರು ಮಾತನಾಡಿದರು. ಸಣ್ಣ ಸ್ಥಳದಲ್ಲಿ ತರಕಾರಿ, ಸೊಪ್ಪು ಮತ್ತು ಹಣ್ಣುಗಳನ್ನು ಬೆಳೆಯುವ ವಿಧಾನ, ಸಾವಯವ ಗೊಬ್ಬರ ತಯಾರಿಕೆ, ಕೀಟ ನಿರ್ವಹಣೆ ಕುರಿತು ಪ್ರಾತ್ಯಕ್ಷಿಕೆ ನೀಡಲಾಯಿತು. ನಗರ ಪ್ರದೇಶದಲ್ಲಿ ರಾಸಾಯನಿಕ ಮುಕ್ತ ಆಹಾರದ ಬೇಡಿಕೆ ಹೆಚ್ಚುತ್ತಿದ್ದು, ಮನೆಯ ತಾರಸಿಯಲ್ಲೇ ಕೃಷಿ ಮಾಡುವುದು ಆರೋಗ್ಯಕ್ಕೆ ಉತ್ತಮ. ಕುಟುಂಬದ ಅಗತ್ಯಕ್ಕೆ ಬೇಕಾದ ತರಕಾರಿಗಳನ್ನು ಬೆಳೆಯಬಹುದು. ನೀರಿನ ಮಿತ ಬಳಕೆಗೆ ಹನಿ ನೀರಾವರಿ ಪದ್ಧತಿ ಅಳವಡಿಸಿಕೊಳ್ಳಬೇಕು. ಈ ತರಬೇತಿಯಲ್ಲಿ 2025ರ ಹೊಸ ತಂತ್ರಜ್ಞಾನಗಳ ಪರಿಚಯ ಮಾಡಲಾಯಿತು. ಒಟ್ಟು 64 ರೈತರು ಹಾಗೂ 86 ನಗರವಾಸಿಗಳು ಭಾಗವಹಿಸಿದ್ದರು. ಕೃಷಿ ಸಂಬಂಧಿ ವಿಶ್ವವಿದ್ಯಾನಿಲಯಗಳು ನಗರ ಸಹಕಾರದೊಂದಿಗೆ ಇಂತಹ ಕಾರ್ಯಕ್ರಮ ಆಯೋಜಿಸಲಿವೆ ಎಂದು ತಿಳಿಸಿದರು.
ನಗರ ಪ್ರದೇಶ ಹಾಗೂ ನಗರ ಪ್ರದೇಶಗಳಲ್ಲಿ ತಾರಸಿ ಕೈತೋಟ, ಬಾಲ್ಕನಿ ಕೈತೋಟ, ಮತ್ತು ರೂಫ್ ಕೃಷಿ ಹಾಗೂ ಇತರೆ ತೋಟಗಾರಿಕೆಯ ನಿರ್ಮಿಸುವ ಮೂಲಕ ವಿಷಮುಕ್ತ ಆಹಾರಕ್ಕೆ ಉತ್ತೇಜನ ನೀಡಬೇಕು ಎಂದು ಬೆಂಗಳೂರು ಕೃಷಿ ವಿಶ್ವವಿದ್ಯಾಲಯದ ವಿಜ್ಞಾನಿಗಳು ತಿಳಿಸಿದರು. ಕೃಷಿ ತಂತ್ರಜ್ಞಾನ ಮಾಹಿತಿ ಕೇಂದ್ರದ ತರಬೇತಿ ಕಾರ್ಯಕ್ರಮದಲ್ಲಿ ಡಾ.ಎಂ.ಶಿವರಾಮು ಅವರು ಮಾತನಾಡಿದರು. ಸಣ್ಣ ಸ್ಥಳದಲ್ಲಿ ತರಕಾರಿ, ಸೊಪ್ಪು ಮತ್ತು ಹಣ್ಣುಗಳನ್ನು ಬೆಳೆಯುವ ವಿಧಾನ, ಸಾವಯವ ಗೊಬ್ಬರ ತಯಾರಿಕೆ, ಕೀಟ ನಿರ್ವಹಣೆ ಕುರಿತು ಪ್ರಾತ್ಯಕ್ಷಿಕೆ ನೀಡಲಾಯಿತು. ನಗರ ಪ್ರದೇಶದಲ್ಲಿ ರಾಸಾಯನಿಕ ಮುಕ್ತ ಆಹಾರದ ಬೇಡಿಕೆ ಹೆಚ್ಚುತ್ತಿದ್ದು, ಮನೆಯ ತಾರಸಿಯಲ್ಲೇ ಕೃಷಿ ಮಾಡುವುದು ಆರೋಗ್ಯಕ್ಕೆ ಉತ್ತಮ. ಕುಟುಂಬದ ಅಗತ್ಯಕ್ಕೆ ಬೇಕಾದ ತರಕಾರಿಗಳನ್ನು ಬೆಳೆಯಬಹುದು. ನೀರಿನ ಮಿತ ಬಳಕೆಗೆ ಹನಿ ನೀರಾವರಿ ಪದ್ಧತಿ ಅಳವಡಿಸಿಕೊಳ್ಳಬೇಕು. ಈ ತರಬೇತಿಯಲ್ಲಿ 2025ರ ಹೊಸ ತಂತ್ರಜ್ಞಾನಗಳ ಪರಿಚಯ ಮಾಡಲಾಯಿತು. ಒಟ್ಟು 64 ರೈತರು ಹಾಗೂ 86 ನಗರವಾಸಿಗಳು ಭಾಗವಹಿಸಿದ್ದರು. ಕೃಷಿ ಸಂಬಂಧಿ ವಿಶ್ವವಿದ್ಯಾನಿಲಯಗಳು ನಗರ ಸಹಕಾರದೊಂದಿಗೆ ಇಂತಹ ಕಾರ್ಯಕ್ರಮ ಆಯೋಜಿಸಲಿವೆ ಎಂದು ತಿಳಿಸಿದರು.
ನಗರ ಪ್ರದೇಶ ಹಾಗೂ ನಗರ ಪ್ರದೇಶಗಳಲ್ಲಿ ತಾರಸಿ ಕೈತೋಟ, ಬಾಲ್ಕನಿ ಕೈತೋಟ, ಮತ್ತು ರೂಫ್ ಕೃಷಿ ಹಾಗೂ ಇತರೆ ತೋಟಗಾರಿಕೆಯ ನಿರ್ಮಿಸುವ ಮೂಲಕ ವಿಷಮುಕ್ತ ಆಹಾರಕ್ಕೆ ಉತ್ತೇಜನ ನೀಡಬೇಕು ಎಂದು ಬೆಂಗಳೂರು ಕೃಷಿ ವಿಶ್ವವಿದ್ಯಾಲಯದ ವಿಜ್ಞಾನಿಗಳು ತಿಳಿಸಿದರು. ಕೃಷಿ ತಂತ್ರಜ್ಞಾನ ಮಾಹಿತಿ ಕೇಂದ್ರದ ತರಬೇತಿ ಕಾರ್ಯಕ್ರಮದಲ್ಲಿ ಡಾ.ಎಂ.ಶಿವರಾಮು ಅವರು ಮಾತನಾಡಿದರು. ಸಣ್ಣ ಸ್ಥಳದಲ್ಲಿ ತರಕಾರಿ, ಸೊಪ್ಪು ಮತ್ತು ಹಣ್ಣುಗಳನ್ನು ಬೆಳೆಯುವ ವಿಧಾನ, ಸಾವಯವ ಗೊಬ್ಬರ ತಯಾರಿಕೆ, ಕೀಟ ನಿರ್ವಹಣೆ ಕುರಿತು ಪ್ರಾತ್ಯಕ್ಷಿಕೆ ನೀಡಲಾಯಿತು. ನಗರ ಪ್ರದೇಶದಲ್ಲಿ ರಾಸಾಯನಿಕ ಮುಕ್ತ ಆಹಾರದ ಬೇಡಿಕೆ ಹೆಚ್ಚುತ್ತಿದ್ದು, ಮನೆಯ ತಾರಸಿಯಲ್ಲೇ ಕೃಷಿ ಮಾಡುವುದು ಆರೋಗ್ಯಕ್ಕೆ ಉತ್ತಮ. ಕುಟುಂಬದ ಅಗತ್ಯಕ್ಕೆ ಬೇಕಾದ ತರಕಾರಿಗಳನ್ನು ಬೆಳೆಯಬಹುದು. ನೀರಿನ ಮಿತ ಬಳಕೆಗೆ ಹನಿ ನೀರಾವರಿ ಪದ್ಧತಿ ಅಳವಡಿಸಿಕೊಳ್ಳಬೇಕು. ಈ ತರಬೇತಿಯಲ್ಲಿ 2025ರ ಹೊಸ ತಂತ್ರಜ್ಞಾನಗಳ ಪರಿಚಯ ಮಾಡಲಾಯಿತು. ಒಟ್ಟು 64 ರೈತರು ಹಾಗೂ 86 ನಗರವಾಸಿಗಳು ಭಾಗವಹಿಸಿದ್ದರು. ಕೃಷಿ ಸಂಬಂಧಿ ವಿಶ್ವವಿದ್ಯಾನಿಲಯಗಳು ನಗರ ಸಹಕಾರದೊಂದಿಗೆ ಇಂತಹ ಕಾರ್ಯಕ್ರಮ ಆಯೋಜಿಸಲಿವೆ ಎಂದು ತಿಳಿಸಿದರು.
ಸಾರ್ವಜನಿಕ ಗ್ರಂಥಾಲಯ ಇಲಾಖೆ
ಉಪನಿರ್ದೇಶಕರ ಕಛೇರಿ, ನಗರ ಕೇಂದ್ರ ಗ್ರಂಥಾಲಯ, ಕೇಂದ್ರ ವಲಯ, ನಂ.35, 2ನೇ ಕ್ರಾಸ್, ಕೆ.ಹೆಚ್.ಎಸ್ಟೇ, ಬೆಂಗಳೂರು-560027.
E-mail: cclczone@gmail.com Phone: 22240920, 22248072
ಸಂ: ನಕೇಗ್ರಂ/ಕೇವ 06/ಮು.ಪಿ.ಕಡತ.ಸಾಗಣೆಕೆ/2024-25/438 ದಿನಾಂಕ : 23-01-2025
ಟೆಂಡರ್ ಪ್ರಕಟಣೆ (2ನೇ ಕರೆ) (ಕೆಪಿಪಿ ಪೋರ್ಟಲ್ ಮೂಲಕ ಮಾತ್ರ)
2024-25 ನೇ ಸಾಲಿಗೆ ನಗರ ಕೇಂದ್ರ ಗ್ರಂಥಾಲಯ, ಕೇಂದ್ರ ವಲಯ, ಬೆಂಗಳೂರು ಈ ಕಛೇರಿಯಿಂದ ಪುಸ್ತಕ, ಪೀಠೋಪಕರಣ ಹಾಗೂ ಇತರೆ ಸಾಮಗ್ರಿಗಳನ್ನು ಶಾಖಾ ಗ್ರಂಥಾಲಯಗಳಿಗೆ ಹಾಗೂ ರಾಜ್ಯದ ಜಿಲ್ಲಾ ಕೇಂದ್ರ ಗ್ರಂಥಾಲಯಗಳಿಗೆ ಸಾಗಣಿಕೆ ಮಾಡಲು ಕರ್ನಾಟಕ ಸಾರ್ವಜನಿಕ ಸಂಗ್ರಹಣೆಯ ಪಾರದರ್ಶಕತೆ ಅಧಿನಿಯಮ 2000 ರ ಪ್ರಕಾರ ಕೆಪಿಪಿ ಪೋರ್ಟಲ್ ಮುಖಾಂತರ ದ್ವಿಲಕೋಟೆ ಪದ್ಧತಿಯಲ್ಲಿ ಇ-ಟೆಂಡರ್ ಆಹ್ವಾನಿಸಲಾಗಿದೆ. ಅನುಭವವುಳ್ಳ ಸಂಸ್ಥೆಯವರು ಕೆಪಿಪಿ ಪೋರ್ಟಲ್ ಮುಖಾಂತರ ಭಾಗವಹಿಸಬಹುದು. ಟೆಂಡರಿಗಿಟ್ಟ ಅಂದಾಜು ಮೊತ್ತ ರೂ. 20.00 ಲಕ್ಷ, ಇ.ಎಂ.ಡಿ. ಮೊತ್ತ ರೂ. 40,000/- ಟೆಂಡರ್‌ನಲ್ಲಿ ಭಾಗವಹಿಸಲು ಇಚ್ಛಿಸುವವರು https://kppp.karnataka.gov.in ವೆಬ್‌ಸೈಟ್‌ನಲ್ಲಿ ಟೆಂಡರ್ ದಾಖಲೆಗಳನ್ನು ಡೌನ್‌ಲೋಡ್ ಮಾಡಿಕೊಳ್ಳಬಹುದು.
ಟೆಂಡರ್‌ಗಳನ್ನು ಸ್ವೀಕರಿಸುವ ಅಂತಿಮ ದಿನಾಂಕ: 06-02-2025 ಸಮಯ ಸಂಜೆ 4.00 ಗಂಟೆ. ತಾಂತ್ರಿಕ ಬಿಡ್‌ಗಳನ್ನು ದಿನಾಂಕ: 07-02-2025 ರಂದು ಸಂಜೆ 4.00 ಗಂಟೆಗೆ ತೆರೆಯಲಾಗುವುದು .
ಟೆಂಡರ್‌ದಾರರು ಹೆಚ್ಚಿನ ವಿವರಗಳನ್ನು ಈ ಕಛೇರಿ ಕೆಲಸದ ವೇಳೆಯಲ್ಲಿ ಪಡೆಯುವುದು.
ಸಹಿ/-
ಉಪನಿರ್ದೇಶಕರು
ನಗರ ಕೇಂದ್ರ ಗ್ರಂಥಾಲಯ, ಕೇಂದ್ರ ವಲಯ, ಬೆಂಗಳೂರು.
DIPR/CP/R04537/AAPL/2024-25
ಜಿಲ್ಲಾ ಪಂಚಾಯತ್ ಕೋಲಾರ
ಪಂಚಾಯತ್ ರಾಜ್ ಇಂಜಿನಿಯರಿಂಗ್ ಇಲಾಖೆ
ಕಾರ್ಯಪಾಲಕ ಅಭಿಯಂತರರವರ ಕಚೇರಿ ಪಂಚಾಯತ್ ರಾಜ್ ಇಂಜಿನಿಯರಿಂಗ್ ವಿಭಾಗ, ಕೋಲಾರ-563101. ದೂರವಾಣಿ ಸಂಖ್ಯೆ: 08152-222570, ಇ-ಮೇಲ್ ವಿಳಾಸ: eepredkolar1@gmail.com
ಕರ್ನಾಟಕ ಸಾರ್ವಜನಿಕ ಸಂಗ್ರಹಣೆಗಳ ಪೋರ್ಟಲ್
ಸರಬರಾಜು ಟೆಂಡರ್ ಪ್ರಕಟಣೆ ಸಂಖ್ಯೆ: SG07/24-25
ದಿನಾಂಕ : 17.12.2024
ಸ್ಟ್ಯಾಂಡರ್ಡ್ ಟೆಂಡರ್ ಡಾಕ್ಯುಮೆಂಟ್ KG-1&2 ರ ನಿಬಂಧನೆಗೊಳಪಟ್ಟಂತೆ ಟೆಂಡರ್‌ಗಳಿಗಾಗಿ ಅರ್ಜಿ ಆಹ್ವಾನಿಸಲಾಗಿದೆ.
ಕರ್ನಾಟಕ ರಾಜ್ಯದ ರಾಜ್ಯಪಾಲರ ಪರವಾಗಿ ಕರ್ನಾಟಕ ಪಾರದರ್ಶಕತೆ ಅಧಿನಿಯಮ 2000ರ ಪ್ರಕಾರ ಏಟಂವಾರು ಕೆ.ಪಿ.ಪಿ.ಪಿ ದ್ವಿ-ಲಕೋಟೆ ಪದ್ಧತಿಯಲ್ಲಿ (Two Cover System) ಸೂಕ್ತ ದರ್ಜೆಯಲ್ಲಿ ಇಲಾಖೆಯಲ್ಲಿ ನೋಂದಾಯಿಸಿರುವ ಅಧಿಕೃತ ಸರಬರಾಜುದಾರರಿಂದ ಕೋಲಾರ ಜಿಲ್ಲೆ ಕೋಲಾರ ಮತ್ತು ಮಾಲೂರು ತಾಲ್ಲೂಕಿಗೆ ಸಂಬಂಧಪಟ್ಟಂತೆ 03 ಸಂಖ್ಯೆ ರೂ 8.40 ಲಕ್ಷಗಳಿಂದ 16.10 ಲಕ್ಷಗಳವರೆಗಿನ ವಿವಿಧ ಸಾಮಗ್ರಿಗಳ ಸರಬರಾಜು ಕಾಮಗಾರಿಗಳಿಗೆ ಟೆಂಡರ್ ಆಹ್ವಾನಿಸಲಾಗಿದೆ. ಟೆಂಡರ್ ಡಾಕ್ಯುಮೆಂಟ್‌ಗಳನ್ನು ವೆಬ್‌ಸೈಟ್ https://kppp.karnataka.gov.in ಮುಖಾಂತರ ಪಡೆಯಬಹುದು. ಟೆಂಡರ್ ಸಲ್ಲಿಸಲು ಕೊನೆಯ ದಿನಾಂಕ: 31.01.2025 ರ ಸಂಜೆ 4.00 ಗಂಟೆವರೆಗೆ. (2) ಟೆಂಡರ್ ತೆರೆಯುವ ದಿನಾಂಕ: 01.02.2025 ರಂದು ಸಂಜೆ 04.30 ಗಂಟೆಯಿಂದ ನಿಗದಿಪಡಿಸಲಾಗಿದೆ. ಹೆಚ್ಚಿನ ಮಾಹಿತಿಗಾಗಿ ಅಧಿಸೂಚನೆಯ ವಿವರಗಳನ್ನು ಪಡೆಯಲು ಈ ವಿಭಾಗ ಕಛೇರಿಯ ಕೆಲಸದ ದಿನಗಳಂದು ಕೆಲಸದ ವೇಳೆಯಲ್ಲಿ ಸಂಪರ್ಕಿಸಲು ಕೋರಲಾಗಿದೆ. ಟೆಂಡರ್ ಡೌನ್‌ಲೋಡ್ ಮತ್ತು ಅಪ್‌ಲೋಡ್‌ಗೆ ಸಂಬಂಧಿಸಿದಂತೆ ಕೆ.ಪಿ.ಪಿ.ಪಿ ಸಹಾಯವಾಣಿ ದೂರವಾಣಿ ಸಂಖ್ಯೆ: +91-8046010000, +91-8068948777 ಅನ್ನು ಸಂಪರ್ಕಿಸಲು ಕೋರಲಾಗಿದೆ.
ಸಹಿ/- ಕಾರ್ಯಪಾಲಕ ಅಭಿಯಂತರರು,
ಪಂ.ರಾ.ಇಂ. ವಿಭಾಗ, ಕೋಲಾರ
ವಾಸಾಸಂಇ/ಕೋಲಾರ/ಆರ್.ಓ.ಸಂಖ್ಯೆ:413/ಜಿಪಿಎಂಎಂ/2024-25
